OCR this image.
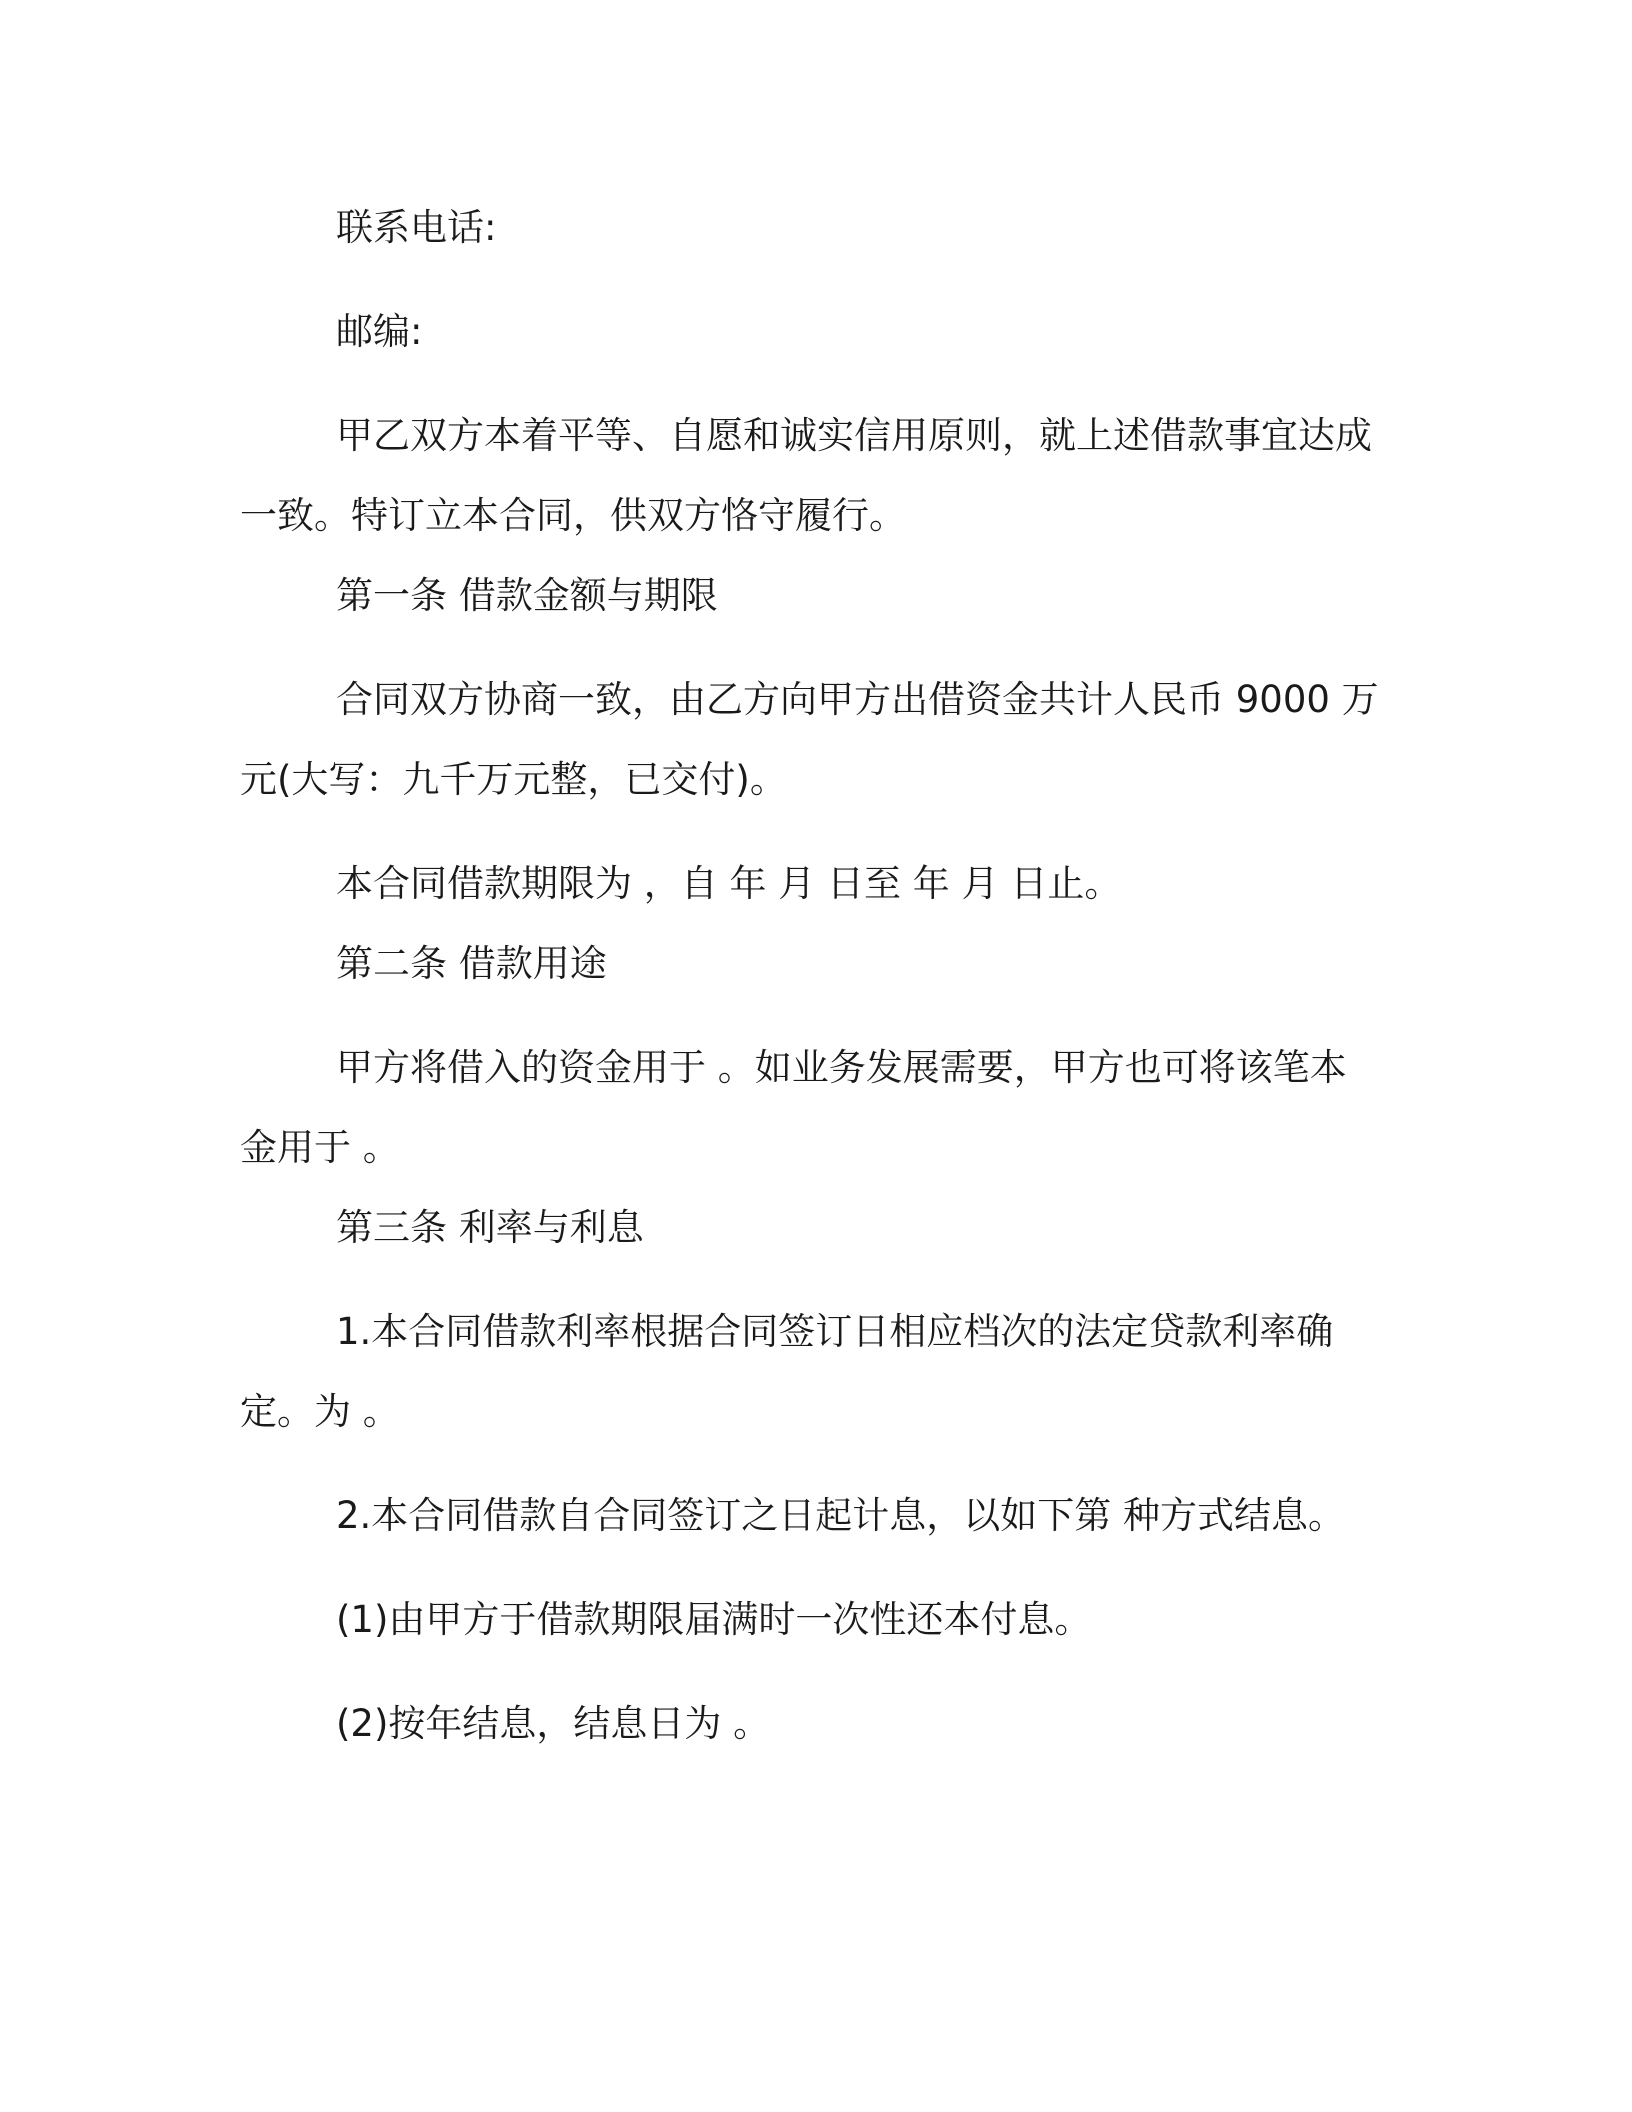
联系电话:

邮编:

甲乙双方本着平等、自愿和诚实信用原则，就上述借款事宜达成一致。特订立本合同，供双方恪守履行。

第一条 借款金额与期限

合同双方协商一致，由乙方向甲方出借资金共计人民币 9000 万元(大写：九千万元整，已交付)。

本合同借款期限为 ，自 年 月 日至 年 月 日止。

第二条 借款用途

甲方将借入的资金用于 。如业务发展需要，甲方也可将该笔本金用于 。

第三条 利率与利息

1.本合同借款利率根据合同签订日相应档次的法定贷款利率确定。为 。

2.本合同借款自合同签订之日起计息，以如下第 种方式结息。

(1)由甲方于借款期限届满时一次性还本付息。

(2)按年结息，结息日为 。
